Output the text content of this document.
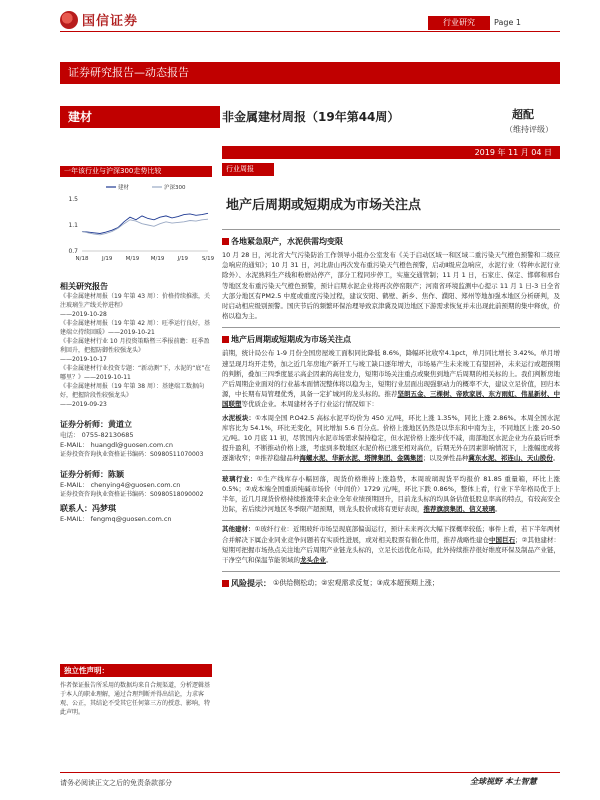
国信证券	行业研究	Page 1
证券研究报告—动态报告
建材	非金属建材周报（19年第44周）	超配
（维持评级）
2019 年 11 月 04 日
一年该行业与沪深300走势比较
建材	沪深300
1.5
1.1
0.7
N/18 J/19 M/19 M/19 J/19	S/19
相关研究报告
《非金属建材周报（19 年第 43 周）：价格持续推涨，关注玻璃生产线关停进程》
——2019-10-28
《非金属建材周报（19 年第 42 周）：旺季运行良好，基建端立持续回暖》——2019-10-21
《非金属建材行业 10 月投资策略暨三季报前瞻：旺季盈利回升，把握防御性较强龙头》
——2019-10-17
《非金属建材行业投资专题：“新动测”下，水泥的“底”在哪里？》——2019-10-11
《非金属建材周报（19 年第 38 周）：基建端工数据向好，把握阶段性较强龙头》
——2019-09-23
证券分析师：黄道立
电话： 0755-82130685
E-MAIL： huangdl@guosen.com.cn
证券投资咨询执业资格证书编码：S0980511070003
证券分析师：陈颖
E-MAIL： chenying4@guosen.com.cn
证券投资咨询执业资格证书编码：S0980518090002
联系人：冯梦琪
E-MAIL： fengmq@guosen.com.cn
独立性声明：
作者保证报告所采用的数据均来自合规渠道，分析逻辑基于本人的职业理解，通过合理判断并得出结论，力求客观、公正，其结论不受其它任何第三方的授意、影响，特此声明。
行业周报
地产后周期或短期成为市场关注点
各地紧急限产，水泥供需均变限
10 月 28 日，河北省大气污染防治工作领导小组办公室发布《关于启动区域一和区域二重污染天气橙色预警和二级应急响应的通知》；10 月 31 日，河北唐山再次发布重污染天气橙色预警，启动Ⅱ级应急响应，水泥行业（特种水泥行业除外）、水泥熟料生产线和粉磨站停产，部分工程同步停工，实施交通管制；11 月 1 日，石家庄、保定、邯郸和邢台等地区发布重污染天气橙色预警，预计启期水泥企业将再次停窑限产；河南省环境监测中心提示 11 月 1 日-3 日全省大部分地区有PM2.5 中度或重度污染过程，建议安阳、鹤壁、新乡、焦作、濮阳、郑州等地加强本地区分析研判，及时启动相应级别预警。国庆节后的频繁环保治理导致京津冀及周边地区下游需求恢复并未出现此前预期的集中释放，价格以稳为主。
地产后周期或短期成为市场关注点
前期，统计局公布 1-9 月份全国房屋竣工面积同比降低 8.6%，降幅环比收窄4.1pct，单月同比增长 3.42%。单月增速呈现月均开走势，加之近几年房地产新开工与竣工缺口逐年增大，市场易产生未来竣工有望回补，未来运行或超预期的判断，叠加三四季度显示高企因素的高往发力，短期市场关注重点或聚焦到地产后周期的相关标的上。我们判断房地产后周期企业面对的行业基本面情况整体将以稳为主，短期行业层面出现强驱动力的概率不大，建议立足价值，回归本源，中长期布局管理优秀，具备一定扩城河的龙头标的。推荐坚朗五金、三棵树、帝欧家居、东方雨虹、伟星新材、中国联塑等优质企业。本周建材各子行业运行情况如下：
水泥板块：①本周全国 P.O42.5 高标水泥平均价为 450 元/吨，环比上涨 1.35%，同比上涨 2.86%。本周全国水泥库容比为 54.1%，环比无变化，同比增加 5.6 百分点。价格上涨地区仍然是以华东和中南为主，不同地区上涨 20-50 元/吨。10 月底 11 初，尽管国内水泥市场需求保持稳定，但水泥价格上涨步伐不减，南部地区水泥企业为在最后旺季提升盈利，不断推动价格上涨，考虑到多数地区水泥价格已涨至相对高位，后期无外在因素影响情况下，上涨幅度或将逐渐收窄；②推荐稳健品种海螺水泥、华新水泥、塔牌集团、金隅集团；以及弹性品种冀东水泥、祁连山、天山股份。
玻璃行业：①生产线库存小幅回落，现货价格维持上涨趋势，本周玻璃现货平均报价 81.85 重量箱，环比上涨 0.5%；②成本端全国重质纯碱市场价（中间价）1729 元/吨，环比下跌 0.86%，整体上看，行业下半年格局优于上半年，近几月现货价格持续推涨带来企业全年业绩预期回升，目前龙头标的均具备估值低股息率高的特点，有较高安全边际，若后续沙河地区冬季限产超预期，则龙头股价或将有更好表现，推荐旗滨集团、信义玻璃。
其他建材：①玻纤行业：近期玻纤市场呈现底部偏弱运行，预计未来再次大幅下探概率较低；事件上看，若下半年两材合并解决下属企业同业竞争问题若有实质性进展，或对相关股票有催化作用，推荐战略性建仓中国巨石；②其他建材：短期可把握市场热点关注地产后周期产业链龙头标的，立足长远优化布局，此外持续推荐很好维度环保及制品产业链，干净空气和保温节能领域的龙头企业。
风险提示： ①供给侧松动；②宏观需求反复；③成本超预期上涨；
请务必阅读正文之后的免责条款部分	全球视野 本土智慧
